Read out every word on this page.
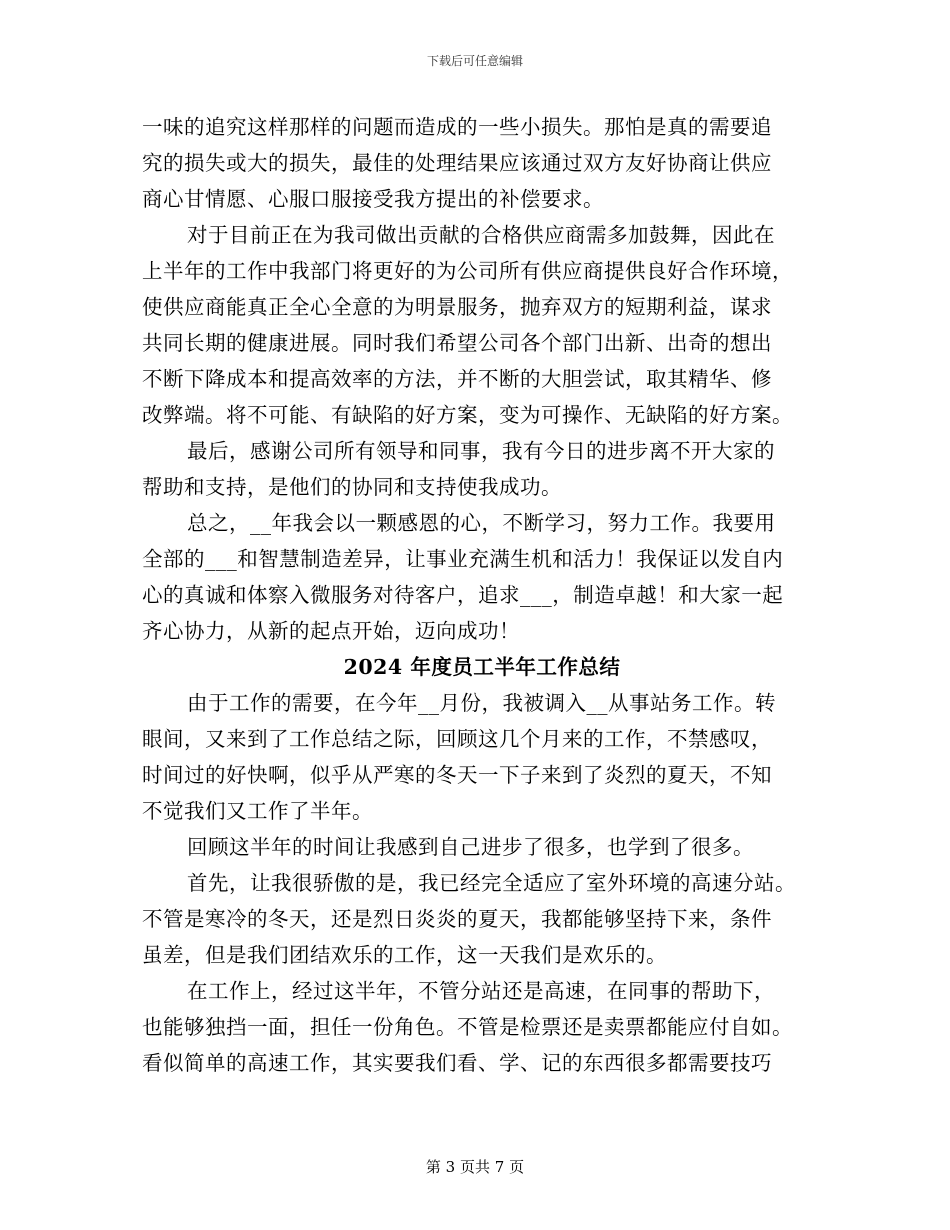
下载后可任意编辑
一味的追究这样那样的问题而造成的一些小损失。那怕是真的需要追
究的损失或大的损失，最佳的处理结果应该通过双方友好协商让供应
商心甘情愿、心服口服接受我方提出的补偿要求。
对于目前正在为我司做出贡献的合格供应商需多加鼓舞，因此在
上半年的工作中我部门将更好的为公司所有供应商提供良好合作环境，
使供应商能真正全心全意的为明景服务，抛弃双方的短期利益，谋求
共同长期的健康进展。同时我们希望公司各个部门出新、出奇的想出
不断下降成本和提高效率的方法，并不断的大胆尝试，取其精华、修
改弊端。将不可能、有缺陷的好方案，变为可操作、无缺陷的好方案。
最后，感谢公司所有领导和同事，我有今日的进步离不开大家的
帮助和支持，是他们的协同和支持使我成功。
总之，__年我会以一颗感恩的心，不断学习，努力工作。我要用
全部的___和智慧制造差异，让事业充满生机和活力！我保证以发自内
心的真诚和体察入微服务对待客户，追求___，制造卓越！和大家一起
齐心协力，从新的起点开始，迈向成功！
2024 年度员工半年工作总结
由于工作的需要，在今年__月份，我被调入__从事站务工作。转
眼间，又来到了工作总结之际，回顾这几个月来的工作，不禁感叹，
时间过的好快啊，似乎从严寒的冬天一下子来到了炎烈的夏天，不知
不觉我们又工作了半年。
回顾这半年的时间让我感到自己进步了很多，也学到了很多。
首先，让我很骄傲的是，我已经完全适应了室外环境的高速分站。
不管是寒冷的冬天，还是烈日炎炎的夏天，我都能够坚持下来，条件
虽差，但是我们团结欢乐的工作，这一天我们是欢乐的。
在工作上，经过这半年，不管分站还是高速，在同事的帮助下，
也能够独挡一面，担任一份角色。不管是检票还是卖票都能应付自如。
看似简单的高速工作，其实要我们看、学、记的东西很多都需要技巧
第 3 页共 7 页
